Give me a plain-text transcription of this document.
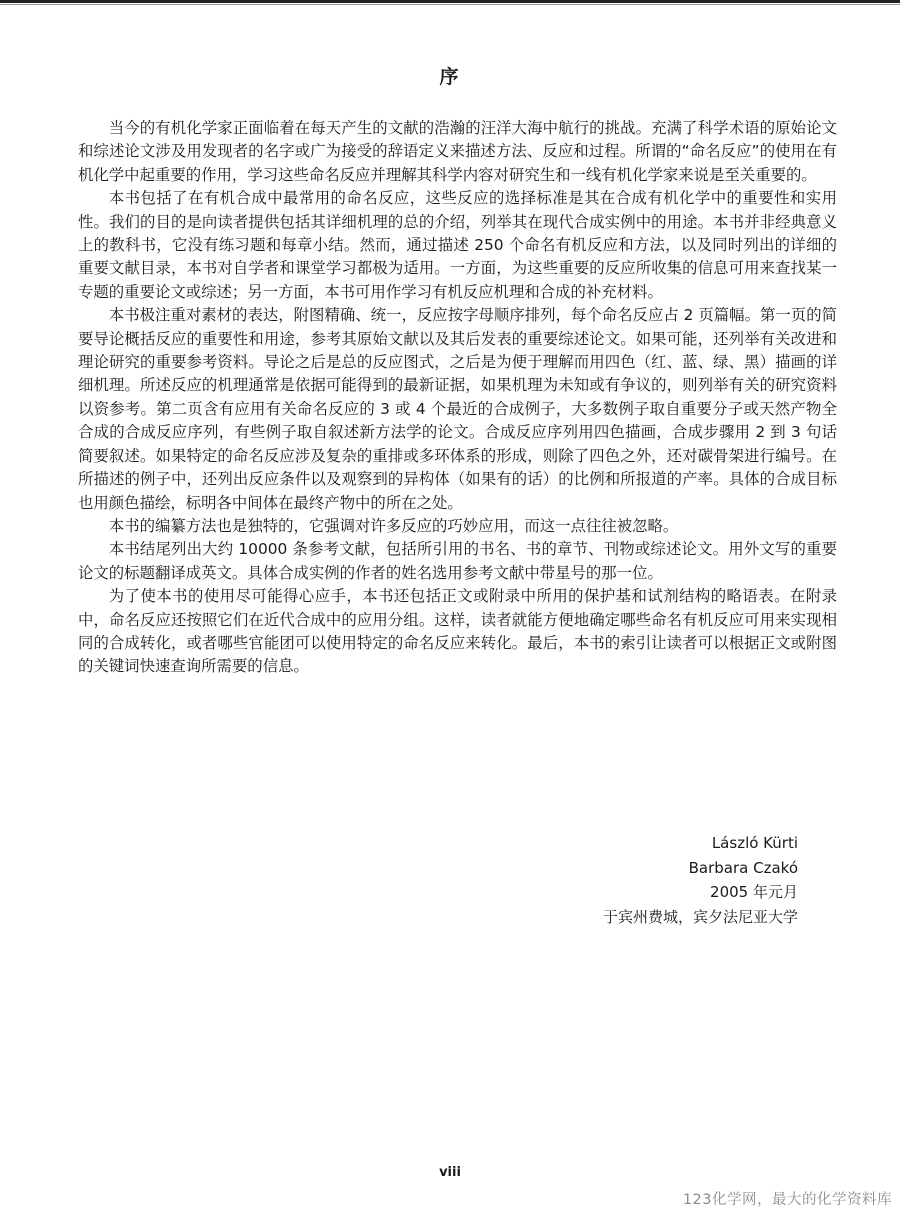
序

当今的有机化学家正面临着在每天产生的文献的浩瀚的汪洋大海中航行的挑战。充满了科学术语的原始论文和综述论文涉及用发现者的名字或广为接受的辞语定义来描述方法、反应和过程。所谓的“命名反应”的使用在有机化学中起重要的作用，学习这些命名反应并理解其科学内容对研究生和一线有机化学家来说是至关重要的。

本书包括了在有机合成中最常用的命名反应，这些反应的选择标准是其在合成有机化学中的重要性和实用性。我们的目的是向读者提供包括其详细机理的总的介绍，列举其在现代合成实例中的用途。本书并非经典意义上的教科书，它没有练习题和每章小结。然而，通过描述 250 个命名有机反应和方法，以及同时列出的详细的重要文献目录，本书对自学者和课堂学习都极为适用。一方面，为这些重要的反应所收集的信息可用来查找某一专题的重要论文或综述；另一方面，本书可用作学习有机反应机理和合成的补充材料。

本书极注重对素材的表达，附图精确、统一，反应按字母顺序排列，每个命名反应占 2 页篇幅。第一页的简要导论概括反应的重要性和用途，参考其原始文献以及其后发表的重要综述论文。如果可能，还列举有关改进和理论研究的重要参考资料。导论之后是总的反应图式，之后是为便于理解而用四色（红、蓝、绿、黑）描画的详细机理。所述反应的机理通常是依据可能得到的最新证据，如果机理为未知或有争议的，则列举有关的研究资料以资参考。第二页含有应用有关命名反应的 3 或 4 个最近的合成例子，大多数例子取自重要分子或天然产物全合成的合成反应序列，有些例子取自叙述新方法学的论文。合成反应序列用四色描画，合成步骤用 2 到 3 句话简要叙述。如果特定的命名反应涉及复杂的重排或多环体系的形成，则除了四色之外，还对碳骨架进行编号。在所描述的例子中，还列出反应条件以及观察到的异构体（如果有的话）的比例和所报道的产率。具体的合成目标也用颜色描绘，标明各中间体在最终产物中的所在之处。

本书的编纂方法也是独特的，它强调对许多反应的巧妙应用，而这一点往往被忽略。

本书结尾列出大约 10000 条参考文献，包括所引用的书名、书的章节、刊物或综述论文。用外文写的重要论文的标题翻译成英文。具体合成实例的作者的姓名选用参考文献中带星号的那一位。

为了使本书的使用尽可能得心应手，本书还包括正文或附录中所用的保护基和试剂结构的略语表。在附录中，命名反应还按照它们在近代合成中的应用分组。这样，读者就能方便地确定哪些命名有机反应可用来实现相同的合成转化，或者哪些官能团可以使用特定的命名反应来转化。最后，本书的索引让读者可以根据正文或附图的关键词快速查询所需要的信息。

László Kürti
Barbara Czakó
2005 年元月
于宾州费城，宾夕法尼亚大学
viii
123化学网，最大的化学资料库
